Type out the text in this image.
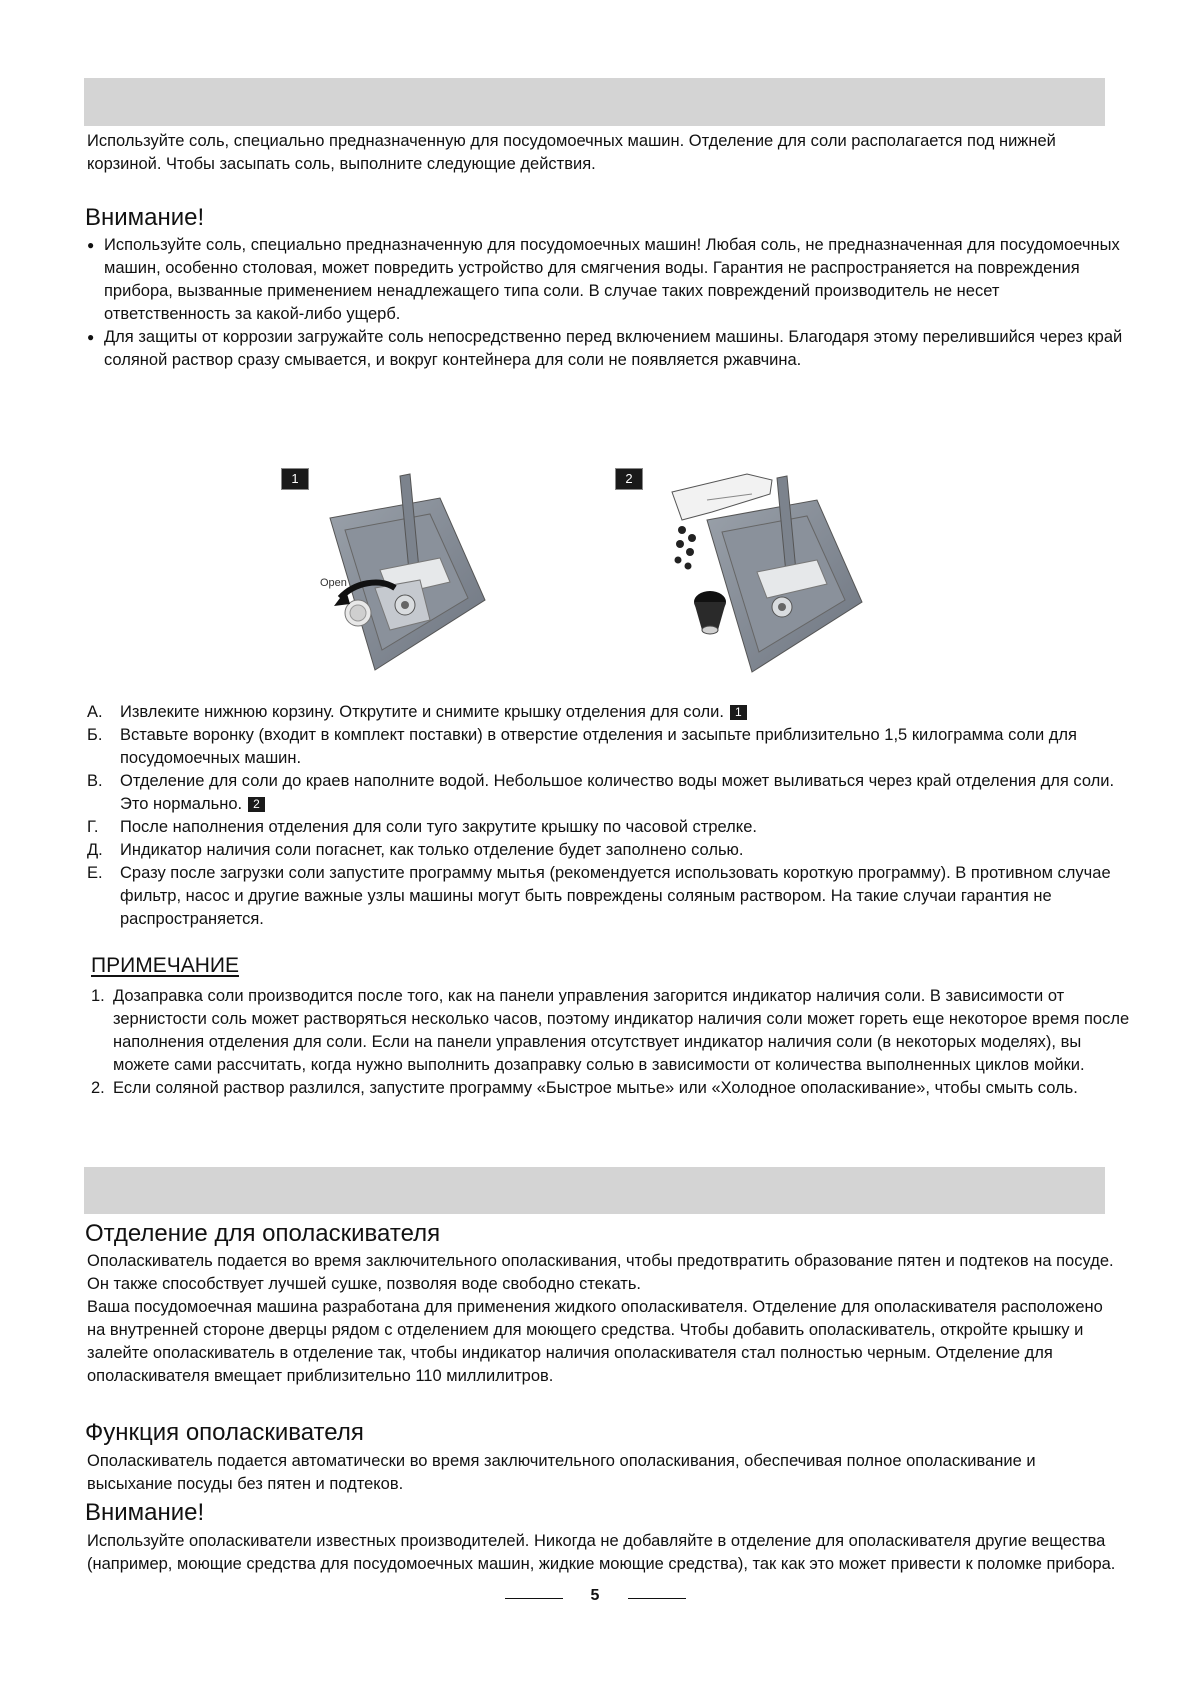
Используйте соль, специально предназначенную для посудомоечных машин. Отделение для соли располагается под нижней корзиной. Чтобы засыпать соль, выполните следующие действия.

Внимание!
● Используйте соль, специально предназначенную для посудомоечных машин! Любая соль, не предназначенная для посудомоечных машин, особенно столовая, может повредить устройство для смягчения воды. Гарантия не распространяется на повреждения прибора, вызванные применением ненадлежащего типа соли. В случае таких повреждений производитель не несет ответственность за какой-либо ущерб.
● Для защиты от коррозии загружайте соль непосредственно перед включением машины. Благодаря этому перелившийся через край соляной раствор сразу смывается, и вокруг контейнера для соли не появляется ржавчина.
1
Open
2
А. Извлеките нижнюю корзину. Открутите и снимите крышку отделения для соли. 1
Б. Вставьте воронку (входит в комплект поставки) в отверстие отделения и засыпьте приблизительно 1,5 килограмма соли для посудомоечных машин.
В. Отделение для соли до краев наполните водой. Небольшое количество воды может выливаться через край отделения для соли. Это нормально. 2
Г. После наполнения отделения для соли туго закрутите крышку по часовой стрелке.
Д. Индикатор наличия соли погаснет, как только отделение будет заполнено солью.
Е. Сразу после загрузки соли запустите программу мытья (рекомендуется использовать короткую программу). В противном случае фильтр, насос и другие важные узлы машины могут быть повреждены соляным раствором. На такие случаи гарантия не распространяется.
ПРИМЕЧАНИЕ
1. Дозаправка соли производится после того, как на панели управления загорится индикатор наличия соли. В зависимости от зернистости соль может растворяться несколько часов, поэтому индикатор наличия соли может гореть еще некоторое время после наполнения отделения для соли. Если на панели управления отсутствует индикатор наличия соли (в некоторых моделях), вы можете сами рассчитать, когда нужно выполнить дозаправку солью в зависимости от количества выполненных циклов мойки.
2. Если соляной раствор разлился, запустите программу «Быстрое мытье» или «Холодное ополаскивание», чтобы смыть соль.
Отделение для ополаскивателя

Ополаскиватель подается во время заключительного ополаскивания, чтобы предотвратить образование пятен и подтеков на посуде. Он также способствует лучшей сушке, позволяя воде свободно стекать.

Ваша посудомоечная машина разработана для применения жидкого ополаскивателя. Отделение для ополаскивателя расположено на внутренней стороне дверцы рядом с отделением для моющего средства. Чтобы добавить ополаскиватель, откройте крышку и залейте ополаскиватель в отделение так, чтобы индикатор наличия ополаскивателя стал полностью черным. Отделение для ополаскивателя вмещает приблизительно 110 миллилитров.

Функция ополаскивателя

Ополаскиватель подается автоматически во время заключительного ополаскивания, обеспечивая полное ополаскивание и высыхание посуды без пятен и подтеков.

Внимание!

Используйте ополаскиватели известных производителей. Никогда не добавляйте в отделение для ополаскивателя другие вещества (например, моющие средства для посудомоечных машин, жидкие моющие средства), так как это может привести к поломке прибора.

5
